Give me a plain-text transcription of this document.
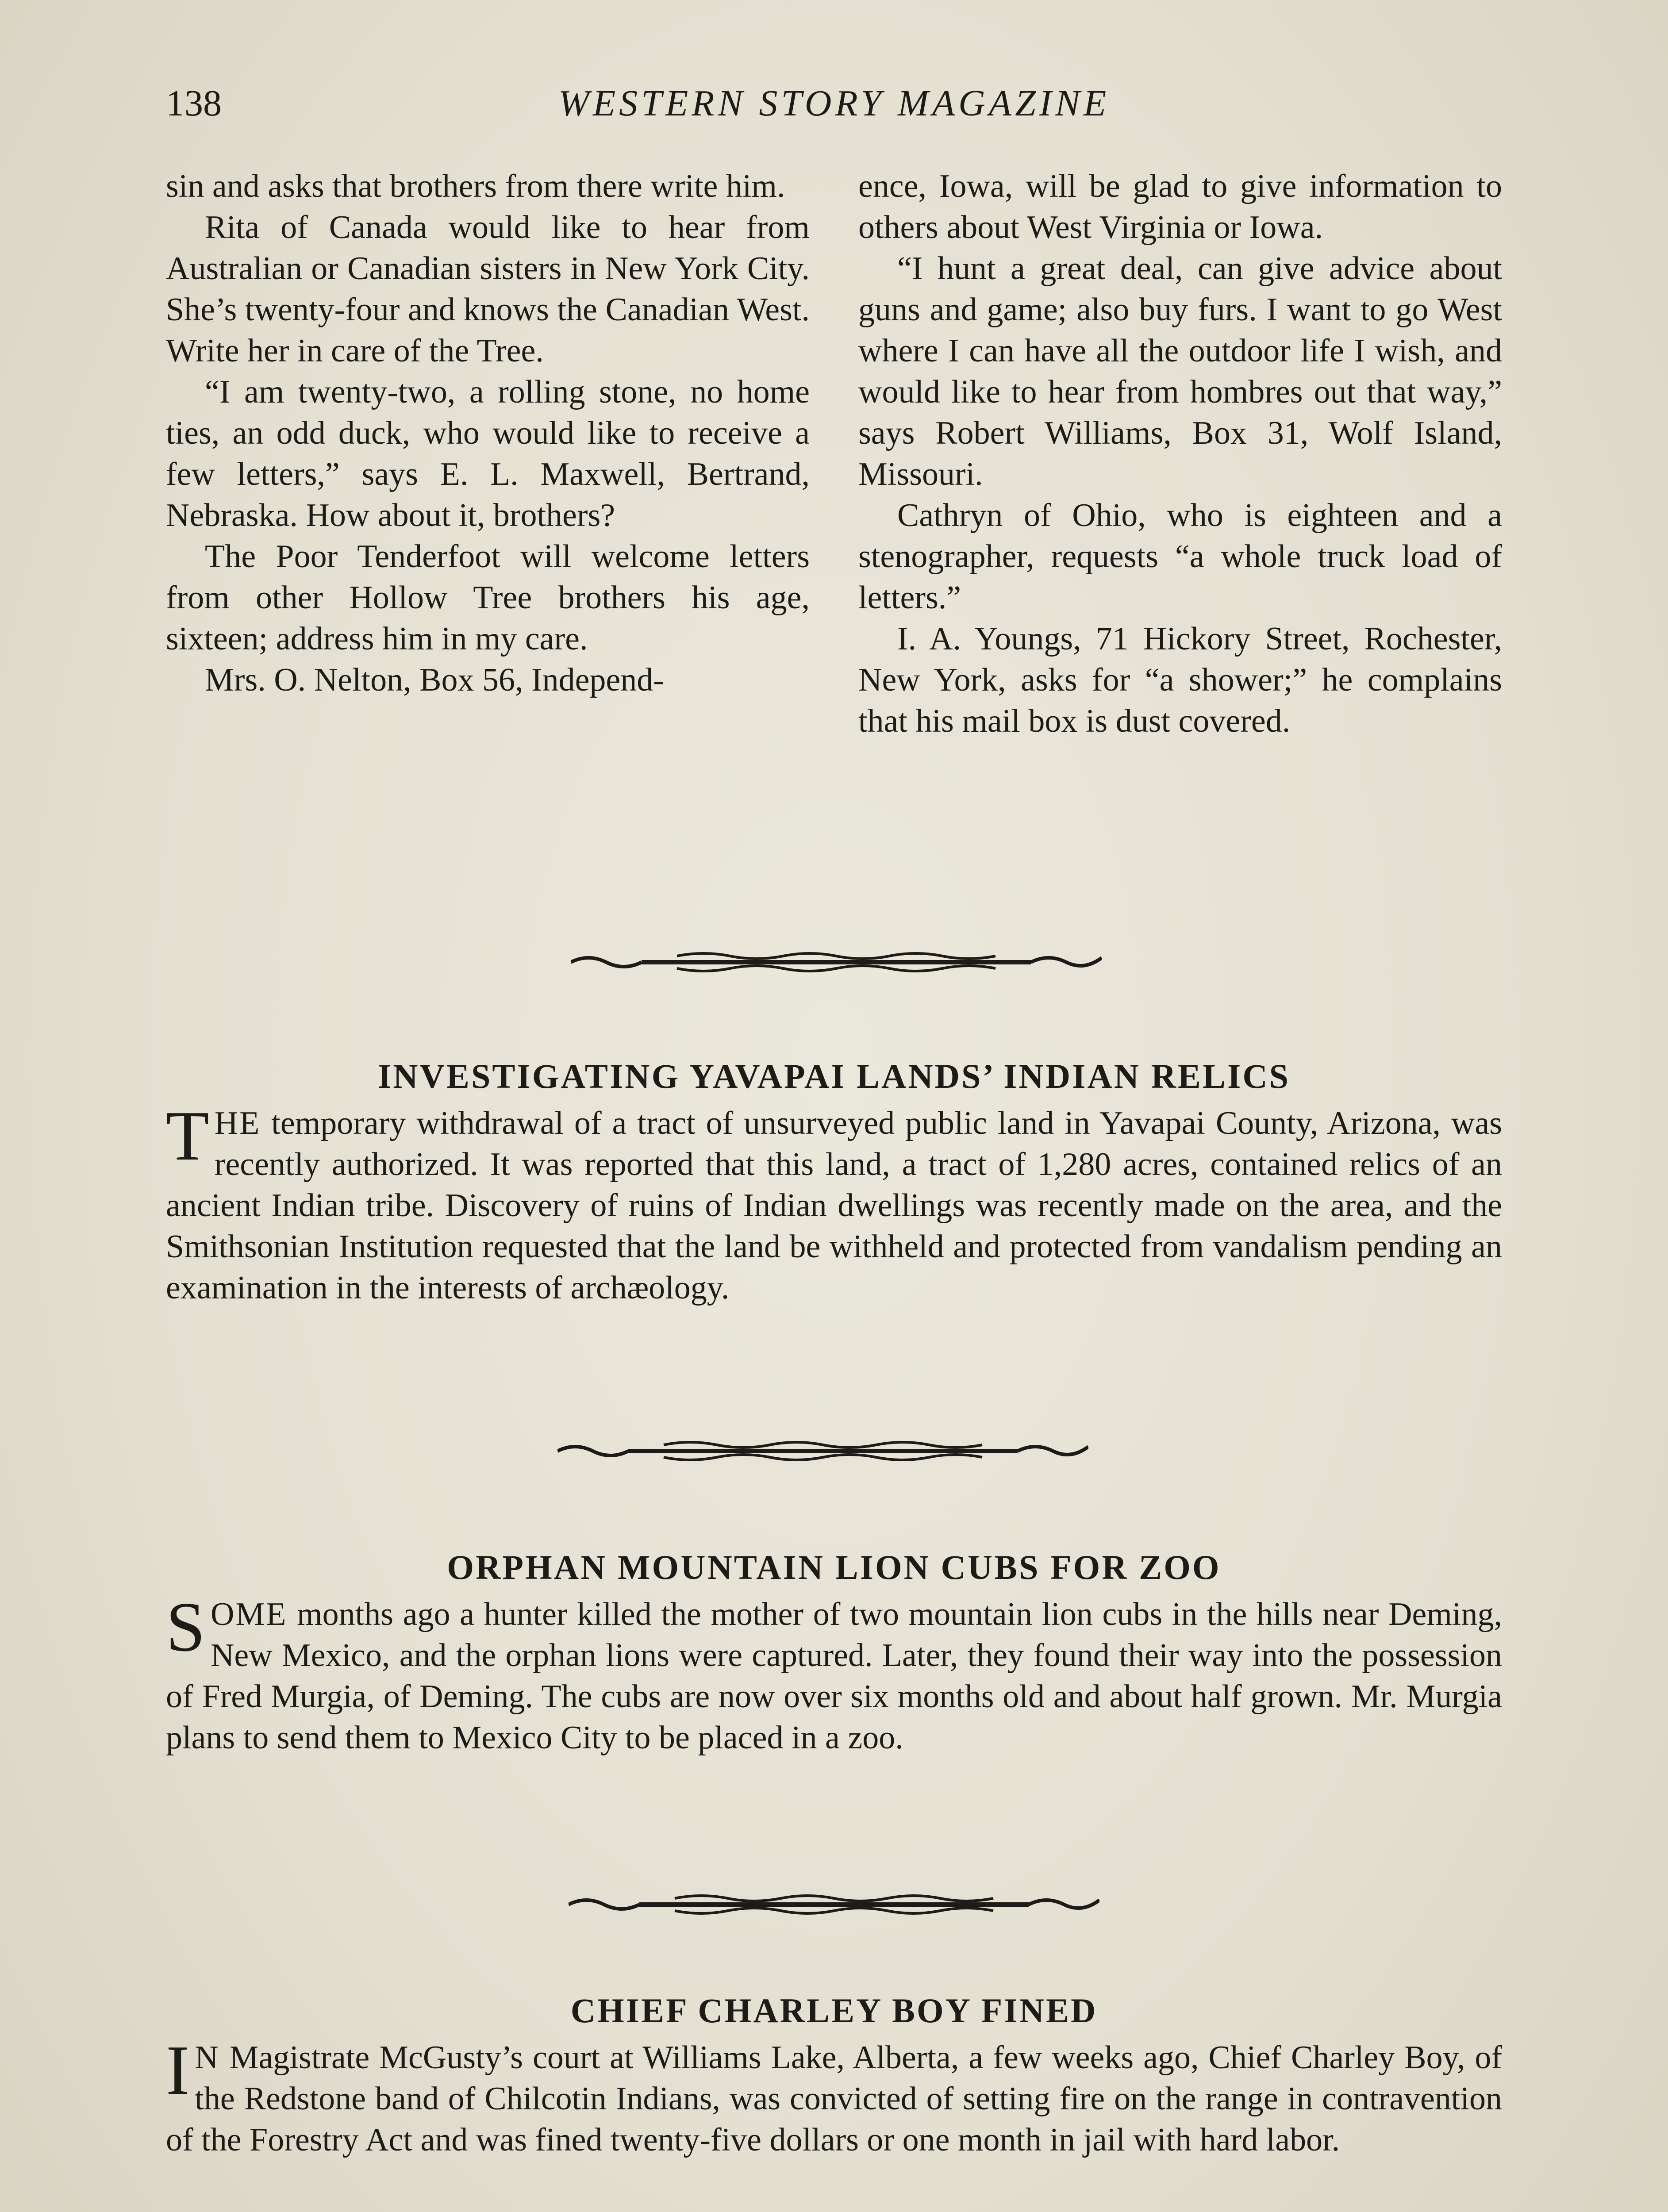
138	WESTERN STORY MAGAZINE

sin and asks that brothers from there write him.

Rita of Canada would like to hear from Australian or Canadian sisters in New York City. She’s twenty-four and knows the Canadian West. Write her in care of the Tree.

“I am twenty-two, a rolling stone, no home ties, an odd duck, who would like to receive a few letters,” says E. L. Maxwell, Bertrand, Nebraska. How about it, brothers?

The Poor Tenderfoot will welcome letters from other Hollow Tree brothers his age, sixteen; address him in my care.

Mrs. O. Nelton, Box 56, Independ-

ence, Iowa, will be glad to give information to others about West Virginia or Iowa.

“I hunt a great deal, can give advice about guns and game; also buy furs. I want to go West where I can have all the outdoor life I wish, and would like to hear from hombres out that way,” says Robert Williams, Box 31, Wolf Island, Missouri.

Cathryn of Ohio, who is eighteen and a stenographer, requests “a whole truck load of letters.”

I. A. Youngs, 71 Hickory Street, Rochester, New York, asks for “a shower;” he complains that his mail box is dust covered.

INVESTIGATING YAVAPAI LANDS’ INDIAN RELICS
THE temporary withdrawal of a tract of unsurveyed public land in Yavapai County, Arizona, was recently authorized. It was reported that this land, a tract of 1,280 acres, contained relics of an ancient Indian tribe. Discovery of ruins of Indian dwellings was recently made on the area, and the Smithsonian Institution requested that the land be withheld and protected from vandalism pending an examination in the interests of archæology.
ORPHAN MOUNTAIN LION CUBS FOR ZOO
SOME months ago a hunter killed the mother of two mountain lion cubs in the hills near Deming, New Mexico, and the orphan lions were captured. Later, they found their way into the possession of Fred Murgia, of Deming. The cubs are now over six months old and about half grown. Mr. Murgia plans to send them to Mexico City to be placed in a zoo.
CHIEF CHARLEY BOY FINED
I N Magistrate McGusty’s court at Williams Lake, Alberta, a few weeks ago, Chief Charley Boy, of the Redstone band of Chilcotin Indians, was convicted of setting fire on the range in contravention of the Forestry Act and was fined twenty-five dollars or one month in jail with hard labor.
